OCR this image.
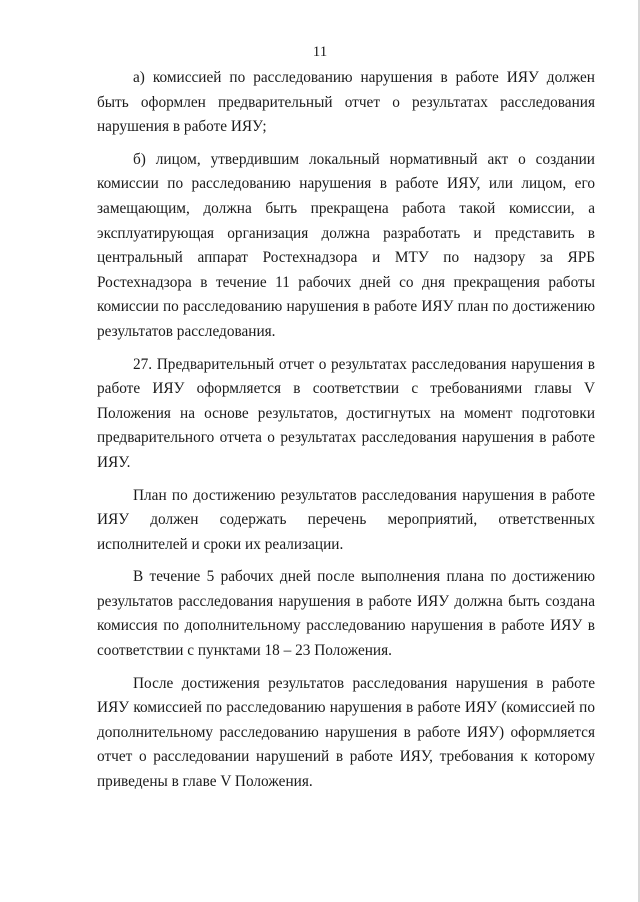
11

а) комиссией по расследованию нарушения в работе ИЯУ должен быть оформлен предварительный отчет о результатах расследования нарушения в работе ИЯУ;

б) лицом, утвердившим локальный нормативный акт о создании комиссии по расследованию нарушения в работе ИЯУ, или лицом, его замещающим, должна быть прекращена работа такой комиссии, а эксплуатирующая организация должна разработать и представить в центральный аппарат Ростехнадзора и МТУ по надзору за ЯРБ Ростехнадзора в течение 11 рабочих дней со дня прекращения работы комиссии по расследованию нарушения в работе ИЯУ план по достижению результатов расследования.

27. Предварительный отчет о результатах расследования нарушения в работе ИЯУ оформляется в соответствии с требованиями главы V Положения на основе результатов, достигнутых на момент подготовки предварительного отчета о результатах расследования нарушения в работе ИЯУ.

План по достижению результатов расследования нарушения в работе ИЯУ должен содержать перечень мероприятий, ответственных исполнителей и сроки их реализации.

В течение 5 рабочих дней после выполнения плана по достижению результатов расследования нарушения в работе ИЯУ должна быть создана комиссия по дополнительному расследованию нарушения в работе ИЯУ в соответствии с пунктами 18 – 23 Положения.

После достижения результатов расследования нарушения в работе ИЯУ комиссией по расследованию нарушения в работе ИЯУ (комиссией по дополнительному расследованию нарушения в работе ИЯУ) оформляется отчет о расследовании нарушений в работе ИЯУ, требования к которому приведены в главе V Положения.
